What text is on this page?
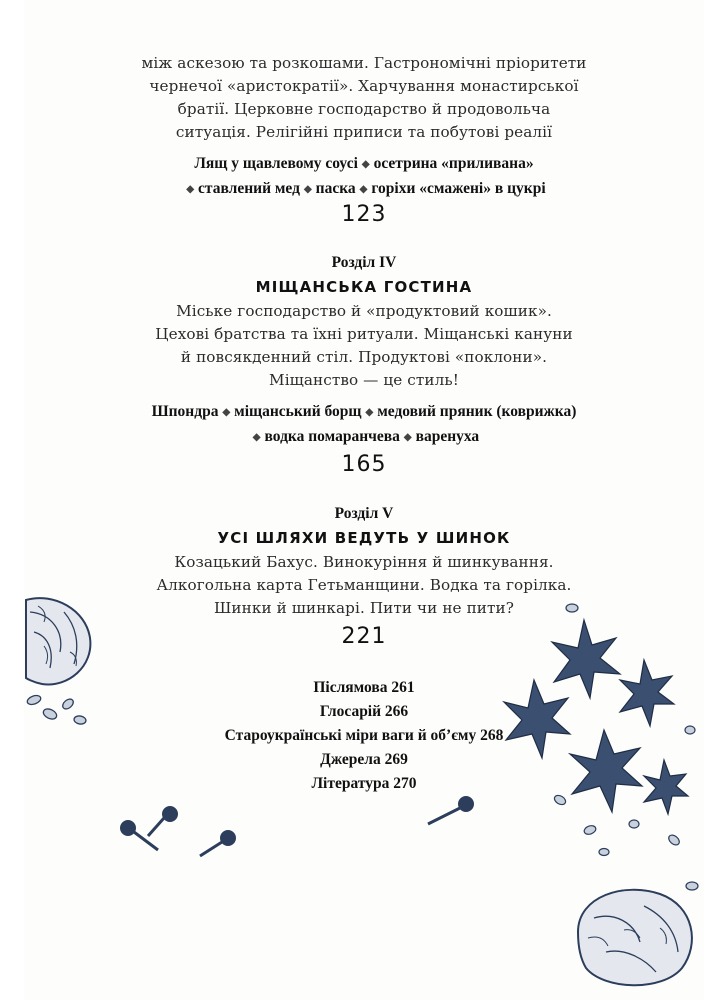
між аскезою та розкошами. Гастрономічні пріоритети
чернечої «аристократії». Харчування монастирської
братії. Церковне господарство й продовольча
ситуація. Релігійні приписи та побутові реалії
Лящ у щавлевому соусі ◆ осетрина «приливана»
◆ ставлений мед ◆ паска ◆ горіхи «смажені» в цукрі
123
Розділ IV
МІЩАНСЬКА ГОСТИНА
Міське господарство й «продуктовий кошик».
Цехові братства та їхні ритуали. Міщанські кануни
й повсякденний стіл. Продуктові «поклони».
Міщанство — це стиль!
Шпондра ◆ міщанський борщ ◆ медовий пряник (коврижка)
◆ водка помаранчева ◆ варенуха
165
Розділ V
УСІ ШЛЯХИ ВЕДУТЬ У ШИНОК
Козацький Бахус. Винокуріння й шинкування.
Алкогольна карта Гетьманщини. Водка та горілка.
Шинки й шинкарі. Пити чи не пити?
221
Післямова 261
Глосарій 266
Староукраїнські міри ваги й об’єму 268
Джерела 269
Література 270
